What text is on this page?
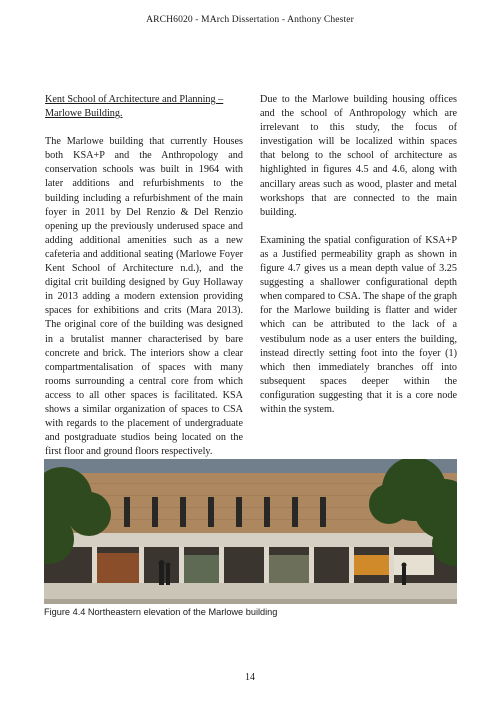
ARCH6020 - MArch Dissertation - Anthony Chester

Kent School of Architecture and Planning – Marlowe Building.

The Marlowe building that currently Houses both KSA+P and the Anthropology and conservation schools was built in 1964 with later additions and refurbishments to the building including a refurbishment of the main foyer in 2011 by Del Renzio & Del Renzio opening up the previously underused space and adding additional amenities such as a new cafeteria and additional seating (Marlowe Foyer Kent School of Architecture n.d.), and the digital crit building designed by Guy Hollaway in 2013 adding a modern extension providing spaces for exhibitions and crits (Mara 2013). The original core of the building was designed in a brutalist manner characterised by bare concrete and brick. The interiors show a clear compartmentalisation of spaces with many rooms surrounding a central core from which access to all other spaces is facilitated. KSA shows a similar organization of spaces to CSA with regards to the placement of undergraduate and postgraduate studios being located on the first floor and ground floors respectively.

Due to the Marlowe building housing offices and the school of Anthropology which are irrelevant to this study, the focus of investigation will be localized within spaces that belong to the school of architecture as highlighted in figures 4.5 and 4.6, along with ancillary areas such as wood, plaster and metal workshops that are connected to the main building.

Examining the spatial configuration of KSA+P as a Justified permeability graph as shown in figure 4.7 gives us a mean depth value of 3.25 suggesting a shallower configurational depth when compared to CSA. The shape of the graph for the Marlowe building is flatter and wider which can be attributed to the lack of a vestibulum node as a user enters the building, instead directly setting foot into the foyer (1) which then immediately branches off into subsequent spaces deeper within the configuration suggesting that it is a core node within the system.

Figure 4.4 Northeastern elevation of the Marlowe building
14
